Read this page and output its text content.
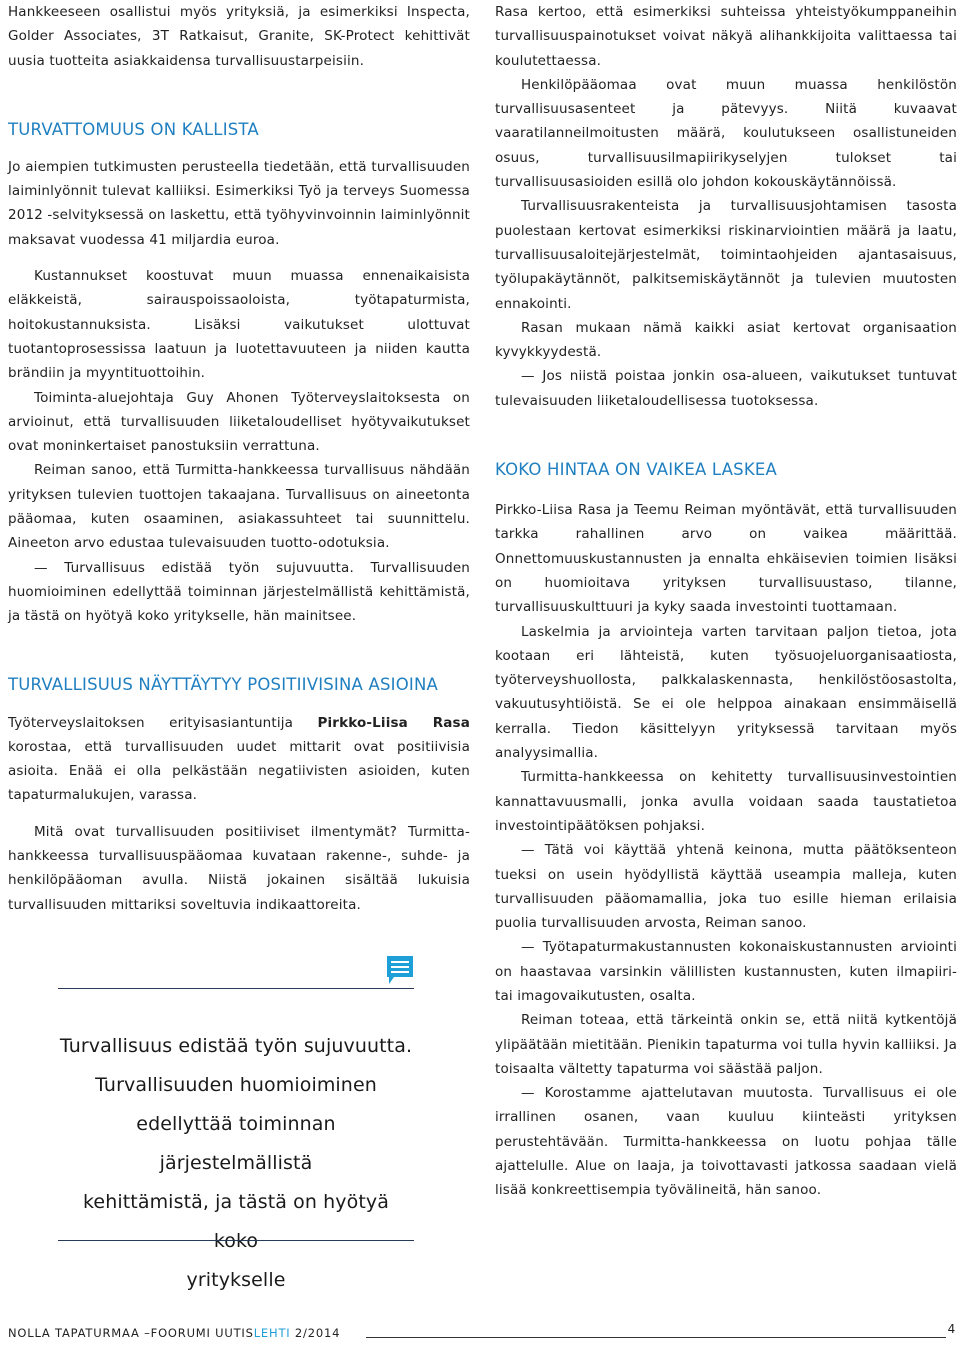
Hankkeeseen osallistui myös yrityksiä, ja esimerkiksi Inspecta, Golder Associates, 3T Ratkaisut, Granite, SK-Protect kehittivät uusia tuotteita asiakkaidensa turvallisuustarpeisiin.

TURVATTOMUUS ON KALLISTA

Jo aiempien tutkimusten perusteella tiedetään, että turvallisuuden laiminlyönnit tulevat kalliiksi. Esimerkiksi Työ ja terveys Suomessa 2012 -selvityksessä on laskettu, että työhyvinvoinnin laiminlyönnit maksavat vuodessa 41 miljardia euroa.

Kustannukset koostuvat muun muassa ennenaikaisista eläkkeistä, sairauspoissaoloista, työtapaturmista, hoitokustannuksista. Lisäksi vaikutukset ulottuvat tuotantoprosessissa laatuun ja luotettavuuteen ja niiden kautta brändiin ja myyntituottoihin.

Toiminta-aluejohtaja Guy Ahonen Työterveyslaitoksesta on arvioinut, että turvallisuuden liiketaloudelliset hyötyvaikutukset ovat moninkertaiset panostuksiin verrattuna.

Reiman sanoo, että Turmitta-hankkeessa turvallisuus nähdään yrityksen tulevien tuottojen takaajana. Turvallisuus on aineetonta pääomaa, kuten osaaminen, asiakassuhteet tai suunnittelu. Aineeton arvo edustaa tulevaisuuden tuotto-odotuksia.

— Turvallisuus edistää työn sujuvuutta. Turvallisuuden huomioiminen edellyttää toiminnan järjestelmällistä kehittämistä, ja tästä on hyötyä koko yritykselle, hän mainitsee.

TURVALLISUUS NÄYTTÄYTYY POSITIIVISINA ASIOINA

Työterveyslaitoksen erityisasiantuntija Pirkko-Liisa Rasa korostaa, että turvallisuuden uudet mittarit ovat positiivisia asioita. Enää ei olla pelkästään negatiivisten asioiden, kuten tapaturmalukujen, varassa.

Mitä ovat turvallisuuden positiiviset ilmentymät? Turmitta-hankkeessa turvallisuuspääomaa kuvataan rakenne-, suhde- ja henkilöpääoman avulla. Niistä jokainen sisältää lukuisia turvallisuuden mittariksi soveltuvia indikaattoreita.

Turvallisuus edistää työn sujuvuutta.
Turvallisuuden huomioiminen
edellyttää toiminnan järjestelmällistä
kehittämistä, ja tästä on hyötyä koko
yritykselle

Rasa kertoo, että esimerkiksi suhteissa yhteistyökumppaneihin turvallisuuspainotukset voivat näkyä alihankkijoita valittaessa tai koulutettaessa.

Henkilöpääomaa ovat muun muassa henkilöstön turvallisuusasenteet ja pätevyys. Niitä kuvaavat vaaratilanneilmoitusten määrä, koulutukseen osallistuneiden osuus, turvallisuusilmapiirikyselyjen tulokset tai turvallisuusasioiden esillä olo johdon kokouskäytännöissä.

Turvallisuusrakenteista ja turvallisuusjohtamisen tasosta puolestaan kertovat esimerkiksi riskinarviointien määrä ja laatu, turvallisuusaloitejärjestelmät, toimintaohjeiden ajantasaisuus, työlupakäytännöt, palkitsemiskäytännöt ja tulevien muutosten ennakointi.

Rasan mukaan nämä kaikki asiat kertovat organisaation kyvykkyydestä.

— Jos niistä poistaa jonkin osa-alueen, vaikutukset tuntuvat tulevaisuuden liiketaloudellisessa tuotoksessa.

KOKO HINTAA ON VAIKEA LASKEA

Pirkko-Liisa Rasa ja Teemu Reiman myöntävät, että turvallisuuden tarkka rahallinen arvo on vaikea määrittää. Onnettomuuskustannusten ja ennalta ehkäisevien toimien lisäksi on huomioitava yrityksen turvallisuustaso, tilanne, turvallisuuskulttuuri ja kyky saada investointi tuottamaan.

Laskelmia ja arviointeja varten tarvitaan paljon tietoa, jota kootaan eri lähteistä, kuten työsuojeluorganisaatiosta, työterveyshuollosta, palkkalaskennasta, henkilöstöosastolta, vakuutusyhtiöistä. Se ei ole helppoa ainakaan ensimmäisellä kerralla. Tiedon käsittelyyn yrityksessä tarvitaan myös analyysimallia.

Turmitta-hankkeessa on kehitetty turvallisuusinvestointien kannattavuusmalli, jonka avulla voidaan saada taustatietoa investointipäätöksen pohjaksi.

— Tätä voi käyttää yhtenä keinona, mutta päätöksenteon tueksi on usein hyödyllistä käyttää useampia malleja, kuten turvallisuuden pääomamallia, joka tuo esille hieman erilaisia puolia turvallisuuden arvosta, Reiman sanoo.

— Työtapaturmakustannusten kokonaiskustannusten arviointi on haastavaa varsinkin välillisten kustannusten, kuten ilmapiiri- tai imagovaikutusten, osalta.

Reiman toteaa, että tärkeintä onkin se, että niitä kytkentöjä ylipäätään mietitään. Pienikin tapaturma voi tulla hyvin kalliiksi. Ja toisaalta vältetty tapaturma voi säästää paljon.

— Korostamme ajattelutavan muutosta. Turvallisuus ei ole irrallinen osanen, vaan kuuluu kiinteästi yrityksen perustehtävään. Turmitta-hankkeessa on luotu pohjaa tälle ajattelulle. Alue on laaja, ja toivottavasti jatkossa saadaan vielä lisää konkreettisempia työvälineitä, hän sanoo.

NOLLA TAPATURMAA –FOORUMI UUTISLEHTI 2/2014	4
